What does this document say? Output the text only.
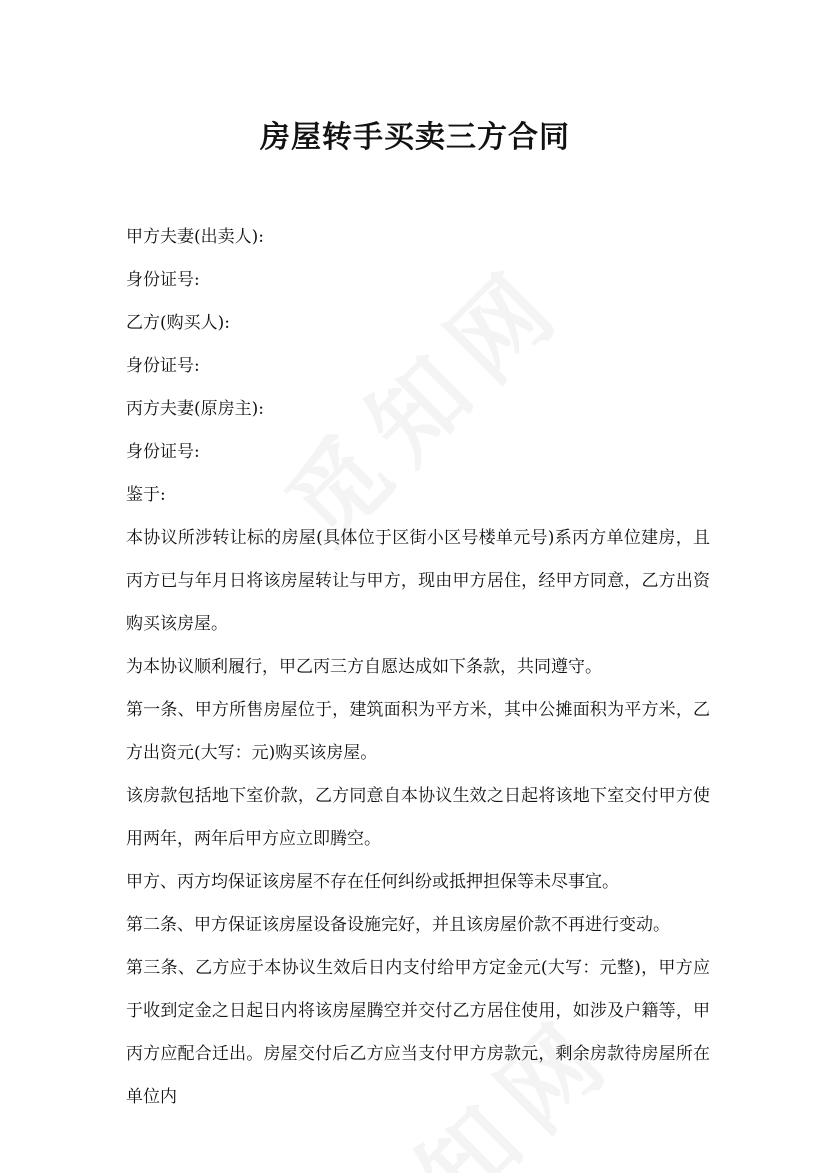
房屋转手买卖三方合同

甲方夫妻(出卖人):

身份证号:

乙方(购买人):

身份证号:

丙方夫妻(原房主):

身份证号:

鉴于:

本协议所涉转让标的房屋(具体位于区街小区号楼单元号)系丙方单位建房，且丙方已与年月日将该房屋转让与甲方，现由甲方居住，经甲方同意，乙方出资购买该房屋。

为本协议顺利履行，甲乙丙三方自愿达成如下条款，共同遵守。

第一条、甲方所售房屋位于，建筑面积为平方米，其中公摊面积为平方米，乙方出资元(大写：元)购买该房屋。

该房款包括地下室价款，乙方同意自本协议生效之日起将该地下室交付甲方使用两年，两年后甲方应立即腾空。

甲方、丙方均保证该房屋不存在任何纠纷或抵押担保等未尽事宜。

第二条、甲方保证该房屋设备设施完好，并且该房屋价款不再进行变动。

第三条、乙方应于本协议生效后日内支付给甲方定金元(大写：元整)，甲方应于收到定金之日起日内将该房屋腾空并交付乙方居住使用，如涉及户籍等，甲丙方应配合迁出。房屋交付后乙方应当支付甲方房款元，剩余房款待房屋所在单位内
